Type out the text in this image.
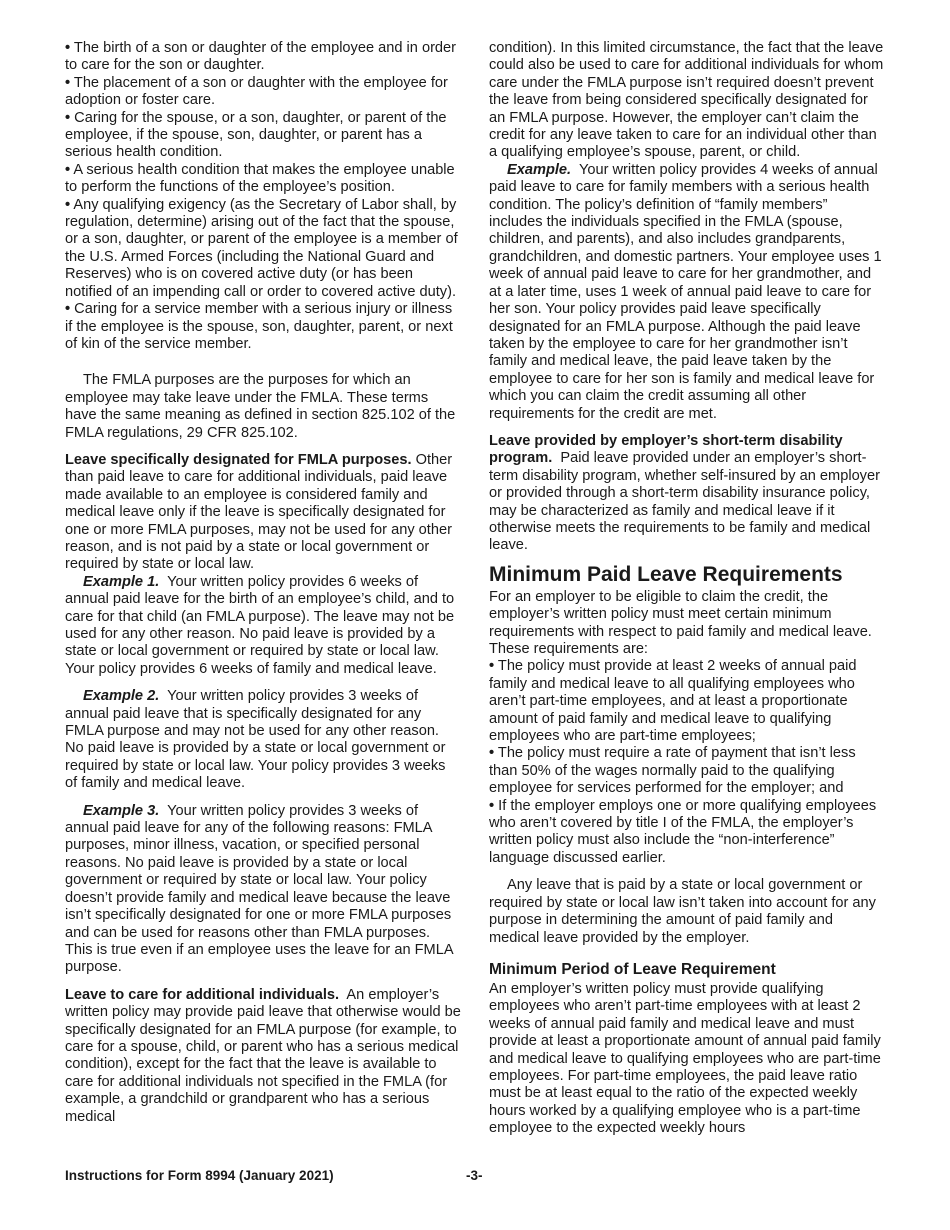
• The birth of a son or daughter of the employee and in order to care for the son or daughter.

• The placement of a son or daughter with the employee for adoption or foster care.

• Caring for the spouse, or a son, daughter, or parent of the employee, if the spouse, son, daughter, or parent has a serious health condition.

• A serious health condition that makes the employee unable to perform the functions of the employee’s position.

• Any qualifying exigency (as the Secretary of Labor shall, by regulation, determine) arising out of the fact that the spouse, or a son, daughter, or parent of the employee is a member of the U.S. Armed Forces (including the National Guard and Reserves) who is on covered active duty (or has been notified of an impending call or order to covered active duty).

• Caring for a service member with a serious injury or illness if the employee is the spouse, son, daughter, parent, or next of kin of the service member.

The FMLA purposes are the purposes for which an employee may take leave under the FMLA. These terms have the same meaning as defined in section 825.102 of the FMLA regulations, 29 CFR 825.102.

Leave specifically designated for FMLA purposes. Other than paid leave to care for additional individuals, paid leave made available to an employee is considered family and medical leave only if the leave is specifically designated for one or more FMLA purposes, may not be used for any other reason, and is not paid by a state or local government or required by state or local law.

Example 1. Your written policy provides 6 weeks of annual paid leave for the birth of an employee’s child, and to care for that child (an FMLA purpose). The leave may not be used for any other reason. No paid leave is provided by a state or local government or required by state or local law. Your policy provides 6 weeks of family and medical leave.

Example 2. Your written policy provides 3 weeks of annual paid leave that is specifically designated for any FMLA purpose and may not be used for any other reason. No paid leave is provided by a state or local government or required by state or local law. Your policy provides 3 weeks of family and medical leave.

Example 3. Your written policy provides 3 weeks of annual paid leave for any of the following reasons: FMLA purposes, minor illness, vacation, or specified personal reasons. No paid leave is provided by a state or local government or required by state or local law. Your policy doesn’t provide family and medical leave because the leave isn’t specifically designated for one or more FMLA purposes and can be used for reasons other than FMLA purposes. This is true even if an employee uses the leave for an FMLA purpose.

Leave to care for additional individuals. An employer’s written policy may provide paid leave that otherwise would be specifically designated for an FMLA purpose (for example, to care for a spouse, child, or parent who has a serious medical condition), except for the fact that the leave is available to care for additional individuals not specified in the FMLA (for example, a grandchild or grandparent who has a serious medical

condition). In this limited circumstance, the fact that the leave could also be used to care for additional individuals for whom care under the FMLA purpose isn’t required doesn’t prevent the leave from being considered specifically designated for an FMLA purpose. However, the employer can’t claim the credit for any leave taken to care for an individual other than a qualifying employee’s spouse, parent, or child.

Example. Your written policy provides 4 weeks of annual paid leave to care for family members with a serious health condition. The policy’s definition of “family members” includes the individuals specified in the FMLA (spouse, children, and parents), and also includes grandparents, grandchildren, and domestic partners. Your employee uses 1 week of annual paid leave to care for her grandmother, and at a later time, uses 1 week of annual paid leave to care for her son. Your policy provides paid leave specifically designated for an FMLA purpose. Although the paid leave taken by the employee to care for her grandmother isn’t family and medical leave, the paid leave taken by the employee to care for her son is family and medical leave for which you can claim the credit assuming all other requirements for the credit are met.

Leave provided by employer’s short-term disability program. Paid leave provided under an employer’s short-term disability program, whether self-insured by an employer or provided through a short-term disability insurance policy, may be characterized as family and medical leave if it otherwise meets the requirements to be family and medical leave.

Minimum Paid Leave Requirements

For an employer to be eligible to claim the credit, the employer’s written policy must meet certain minimum requirements with respect to paid family and medical leave. These requirements are:

• The policy must provide at least 2 weeks of annual paid family and medical leave to all qualifying employees who aren’t part-time employees, and at least a proportionate amount of paid family and medical leave to qualifying employees who are part-time employees;

• The policy must require a rate of payment that isn’t less than 50% of the wages normally paid to the qualifying employee for services performed for the employer; and

• If the employer employs one or more qualifying employees who aren’t covered by title I of the FMLA, the employer’s written policy must also include the “non-interference” language discussed earlier.

Any leave that is paid by a state or local government or required by state or local law isn’t taken into account for any purpose in determining the amount of paid family and medical leave provided by the employer.

Minimum Period of Leave Requirement

An employer’s written policy must provide qualifying employees who aren’t part-time employees with at least 2 weeks of annual paid family and medical leave and must provide at least a proportionate amount of annual paid family and medical leave to qualifying employees who are part-time employees. For part-time employees, the paid leave ratio must be at least equal to the ratio of the expected weekly hours worked by a qualifying employee who is a part-time employee to the expected weekly hours

Instructions for Form 8994 (January 2021)	-3-
